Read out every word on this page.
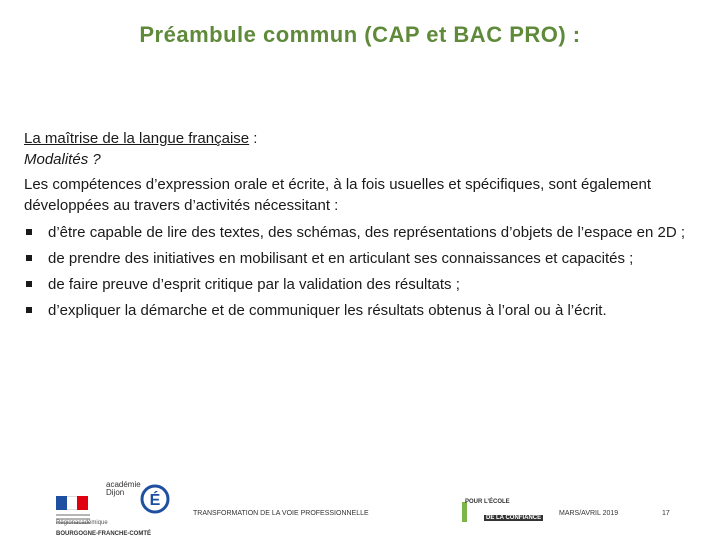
Préambule commun (CAP et BAC PRO) :
La maîtrise de la langue française :
Modalités ?
Les compétences d’expression orale et écrite, à la fois usuelles et spécifiques, sont également développées au travers d’activités nécessitant :
d’être capable de lire des textes, des schémas, des représentations d’objets de l’espace en 2D ;
de prendre des initiatives en mobilisant et en articulant ses connaissances et capacités ;
de faire preuve d’esprit critique par la validation des résultats ;
d’expliquer la démarche et de communiquer les résultats obtenus à l’oral ou à l’écrit.
académie
Dijon É
Régionacadémique
BOURGOGNE-FRANCHE-COMTÉ
TRANSFORMATION DE LA VOIE PROFESSIONNELLE
POUR L’ÉCOLE
DE LA CONFIANCE
MARS/AVRIL 2019	17
